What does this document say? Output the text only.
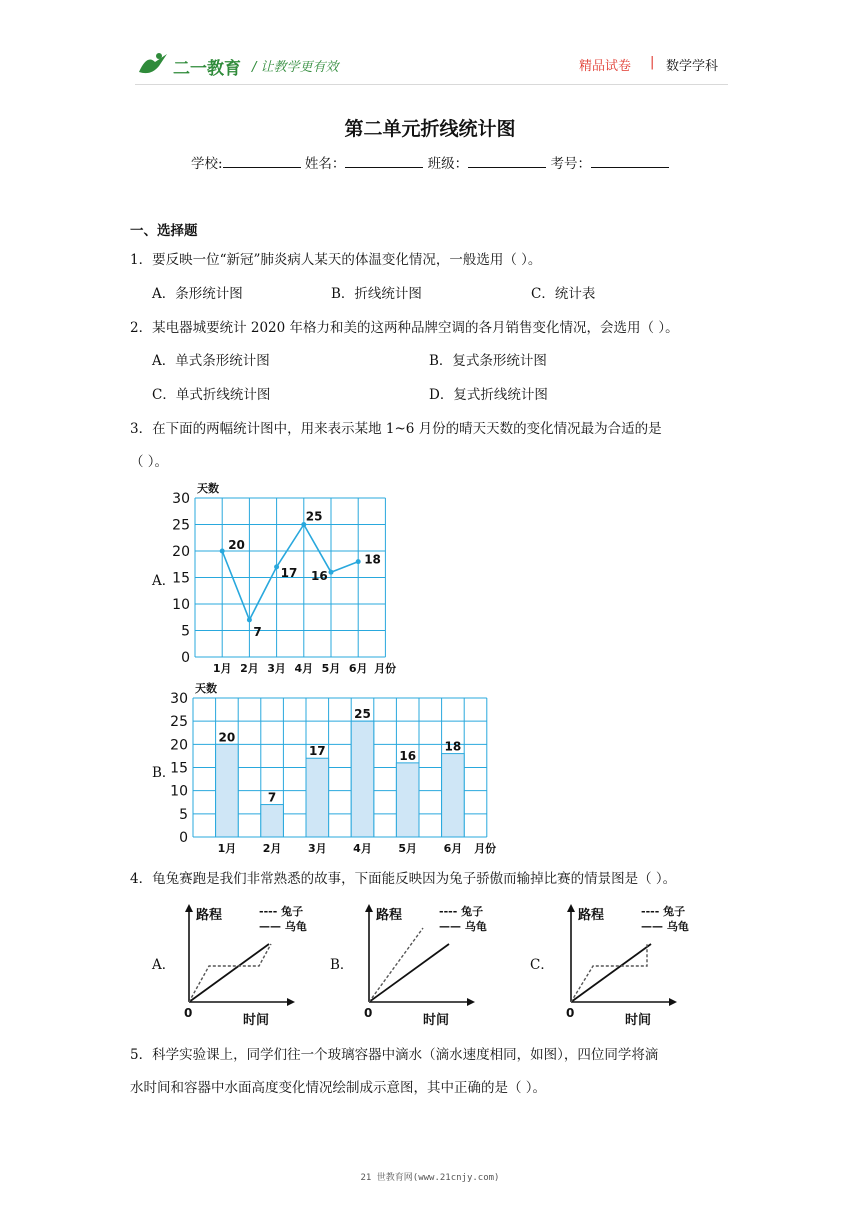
二一教育 / 让教学更有效	精品试卷 | 数学学科
第二单元折线统计图
学校:	姓名：	班级：	考号：
一、选择题
1．要反映一位“新冠”肺炎病人某天的体温变化情况，一般选用（ ）。
A．条形统计图	B．折线统计图	C．统计表
2．某电器城要统计 2020 年格力和美的这两种品牌空调的各月销售变化情况，会选用（ ）。
A．单式条形统计图	B．复式条形统计图
C．单式折线统计图	D．复式折线统计图
3．在下面的两幅统计图中，用来表示某地 1~6 月份的晴天天数的变化情况最为合适的是
（ ）。
A．
B．
0
5
10
15
20
25
30
天数
20
1月
7
2月
17
3月
25
4月
16
5月
18
6月 月份
0
5
10
15
20
25
30
天数
20
1月
7
2月
17
3月
25
4月
16
5月
18
6月 月份
4．龟兔赛跑是我们非常熟悉的故事，下面能反映因为兔子骄傲而输掉比赛的情景图是（ ）。
A．	B．	C．
路程
时间
0
---- 兔子
—— 乌龟
路程
时间
0
---- 兔子
—— 乌龟
路程
时间
0
---- 兔子
—— 乌龟
5．科学实验课上，同学们往一个玻璃容器中滴水（滴水速度相同，如图），四位同学将滴
水时间和容器中水面高度变化情况绘制成示意图，其中正确的是（ ）。
21 世教育网(www.21cnjy.com)
